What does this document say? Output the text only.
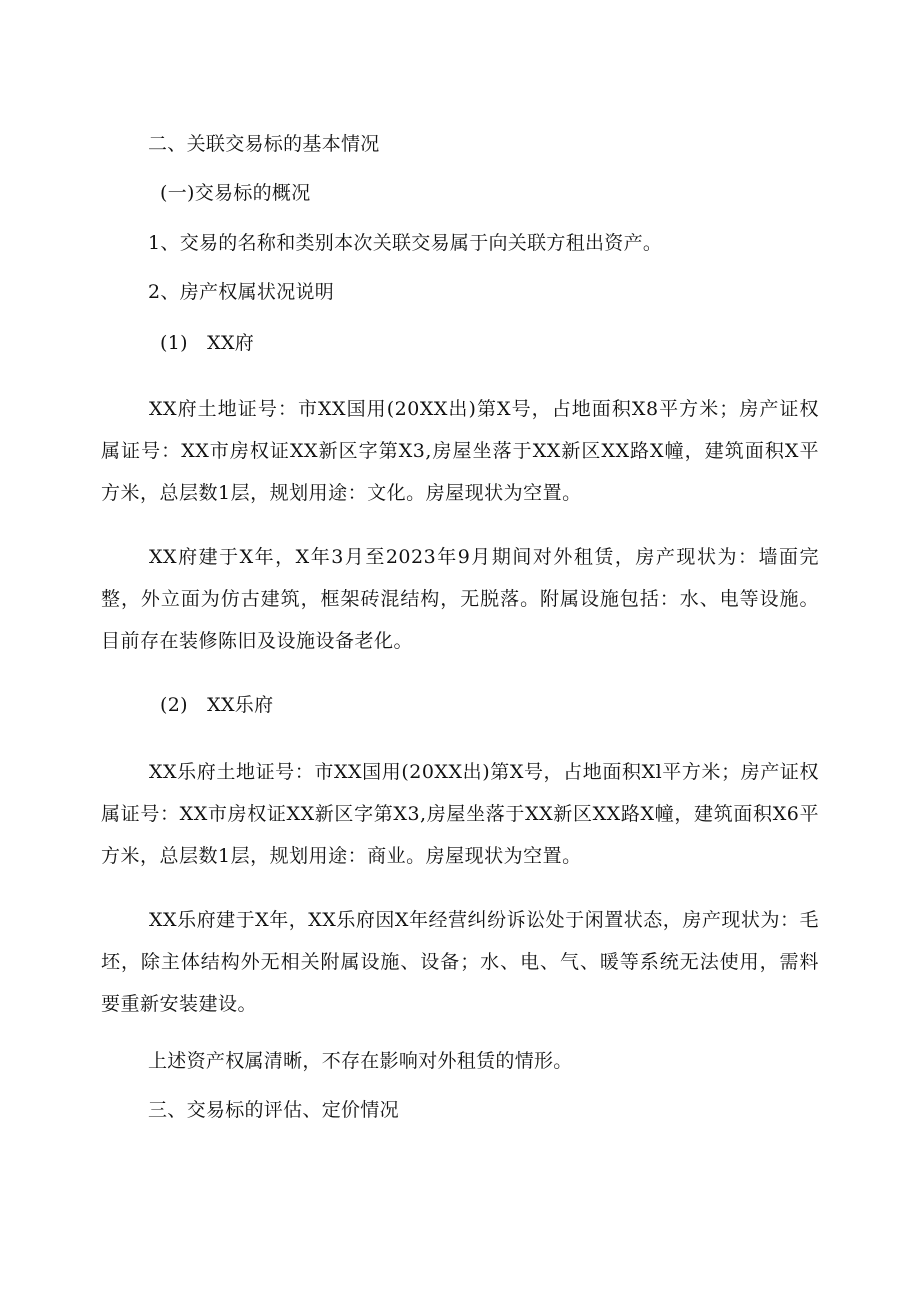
二、关联交易标的基本情况
(一)交易标的概况
1、交易的名称和类别本次关联交易属于向关联方租出资产。
2、房产权属状况说明
(1)　XX府
XX府土地证号：市XX国用(20XX出)第X号，占地面积X8平方米；房产证权属证号：XX市房权证XX新区字第X3,房屋坐落于XX新区XX路X幢，建筑面积X平方米，总层数1层，规划用途：文化。房屋现状为空置。
XX府建于X年，X年3月至2023年9月期间对外租赁，房产现状为：墙面完整，外立面为仿古建筑，框架砖混结构，无脱落。附属设施包括：水、电等设施。目前存在装修陈旧及设施设备老化。
(2)　XX乐府
XX乐府土地证号：市XX国用(20XX出)第X号，占地面积Xl平方米；房产证权属证号：XX市房权证XX新区字第X3,房屋坐落于XX新区XX路X幢，建筑面积X6平方米，总层数1层，规划用途：商业。房屋现状为空置。
XX乐府建于X年，XX乐府因X年经营纠纷诉讼处于闲置状态，房产现状为：毛坯，除主体结构外无相关附属设施、设备；水、电、气、暖等系统无法使用，需料要重新安装建设。
上述资产权属清晰，不存在影响对外租赁的情形。
三、交易标的评估、定价情况
